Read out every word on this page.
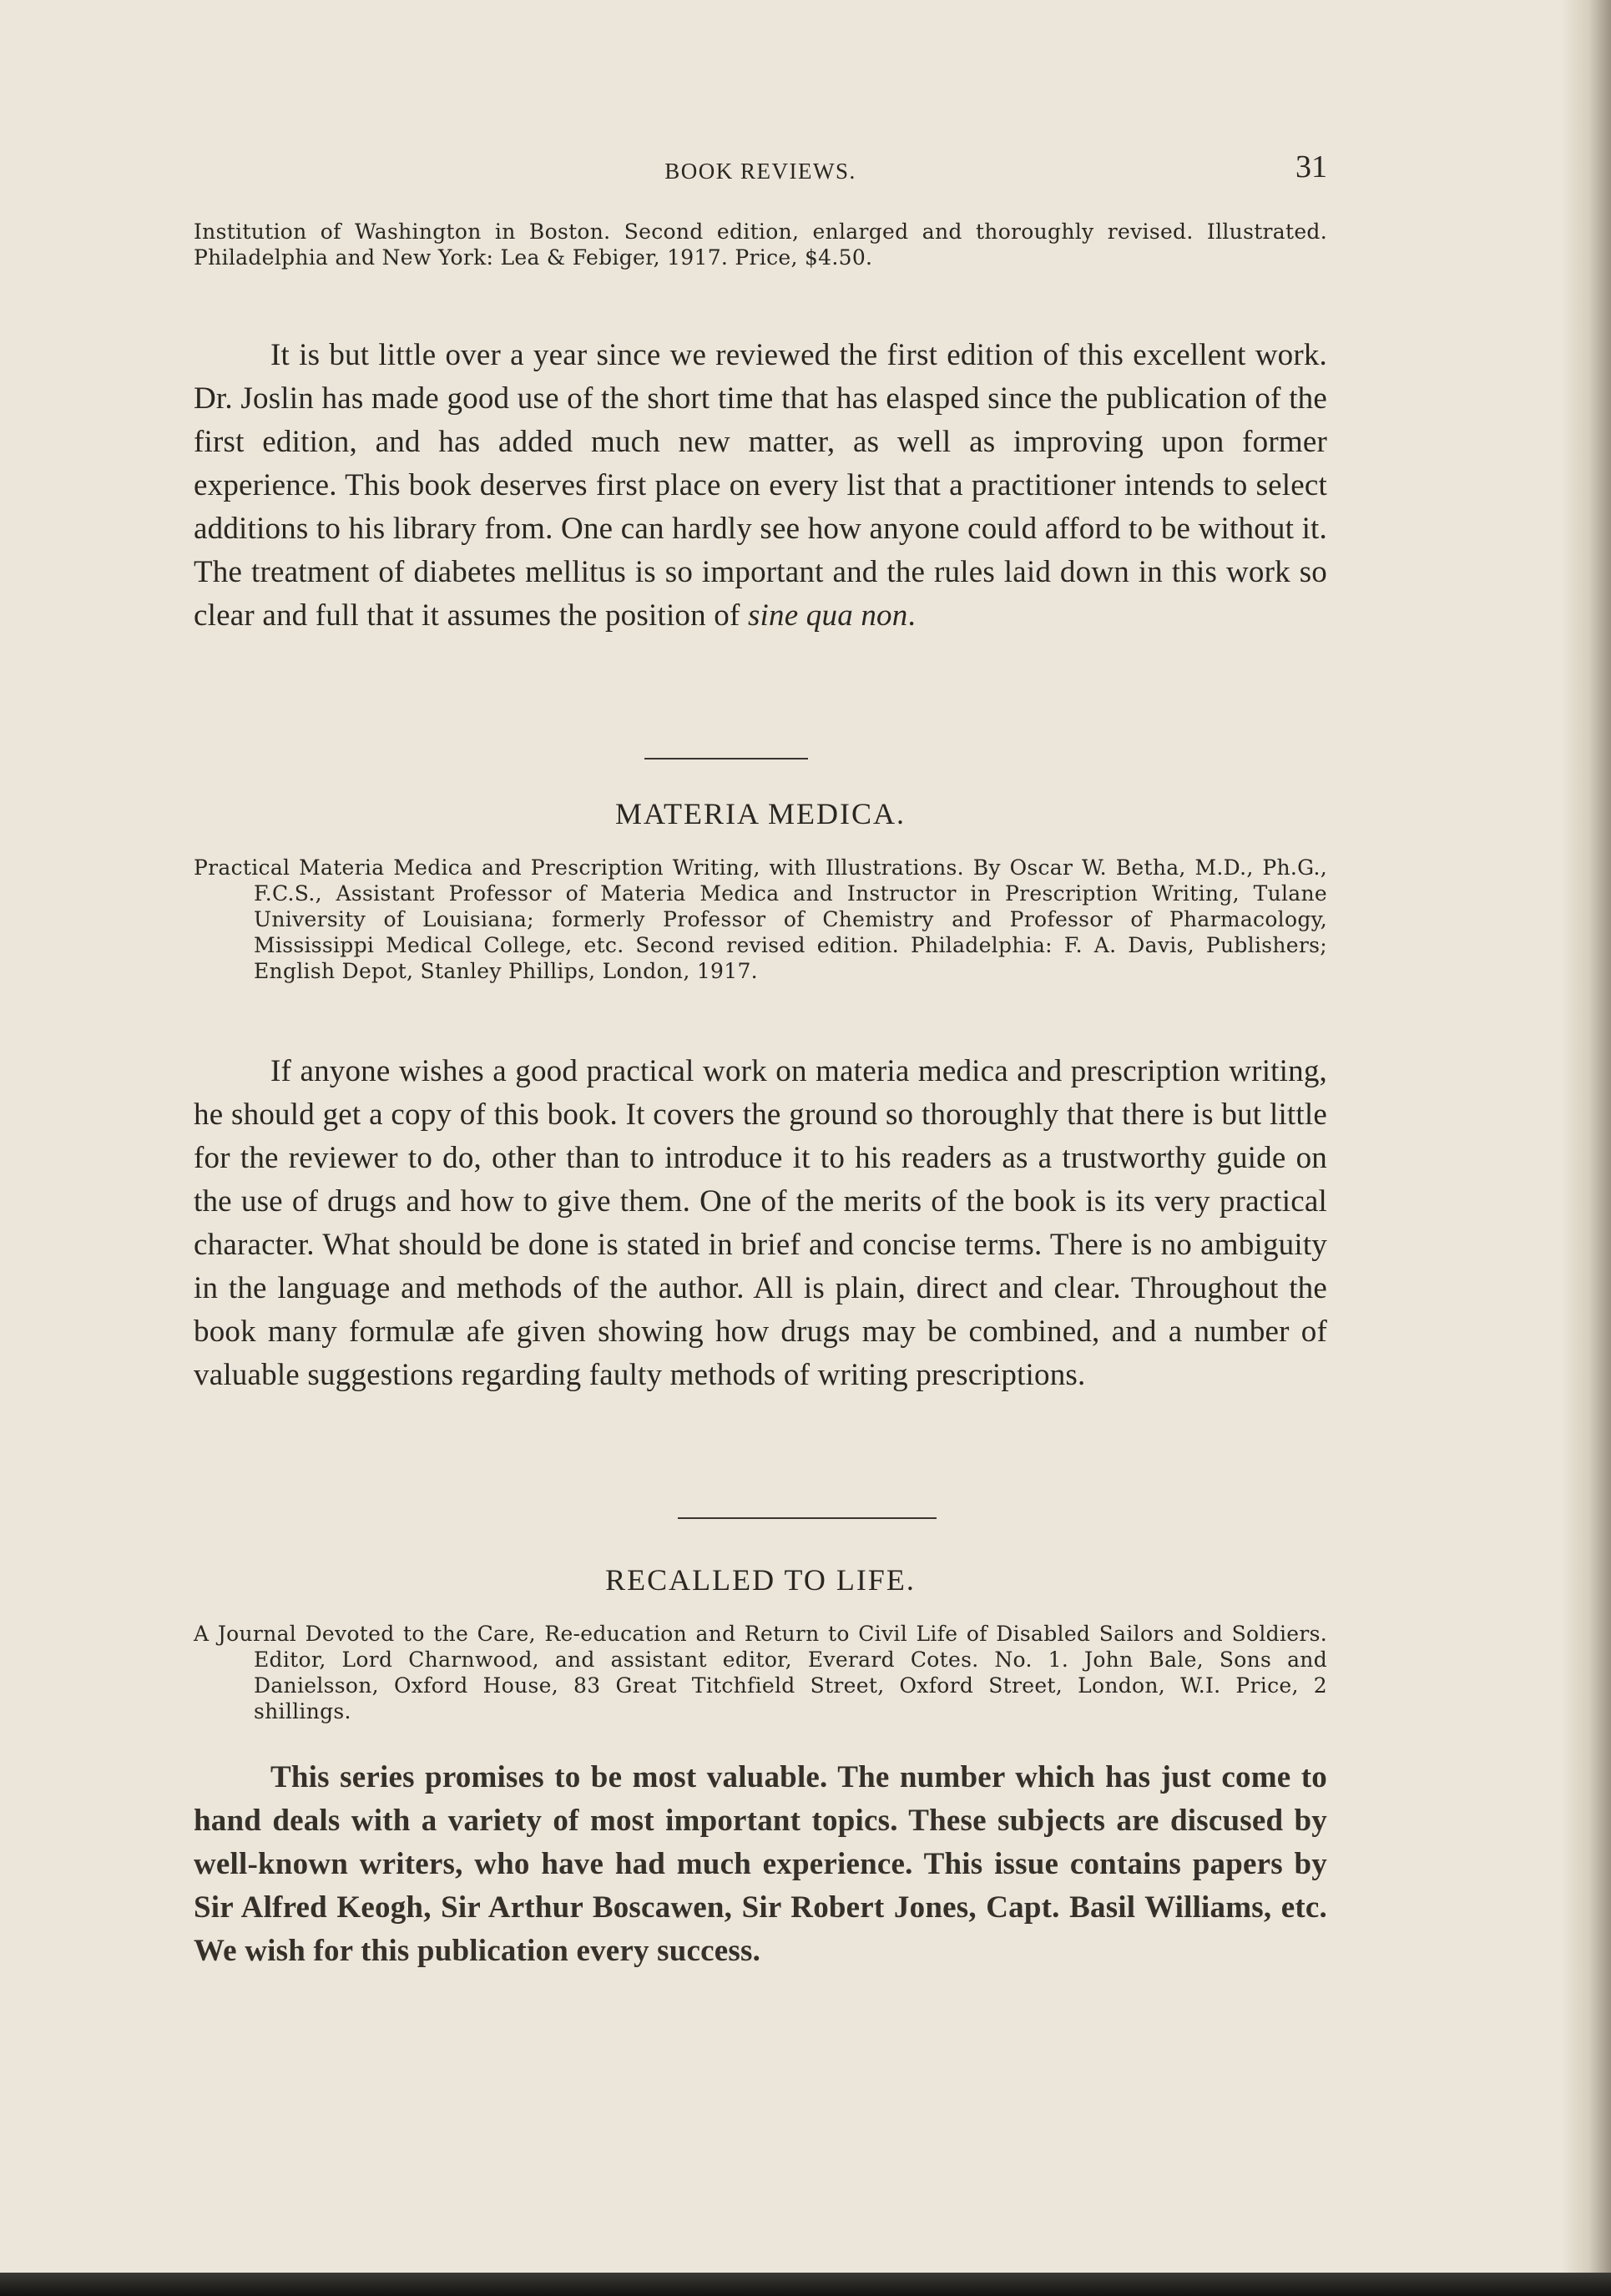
BOOK REVIEWS.	31
Institution of Washington in Boston. Second edition, enlarged and thoroughly revised. Illustrated. Philadelphia and New York: Lea & Febiger, 1917. Price, $4.50.

It is but little over a year since we reviewed the first edition of this excellent work. Dr. Joslin has made good use of the short time that has elasped since the publication of the first edition, and has added much new matter, as well as improving upon former experience. This book deserves first place on every list that a practitioner intends to select additions to his library from. One can hardly see how anyone could afford to be without it. The treatment of diabetes mellitus is so important and the rules laid down in this work so clear and full that it assumes the position of sine qua non.

MATERIA MEDICA.
Practical Materia Medica and Prescription Writing, with Illustrations. By Oscar W. Betha, M.D., Ph.G., F.C.S., Assistant Professor of Materia Medica and Instructor in Prescription Writing, Tulane University of Louisiana; formerly Professor of Chemistry and Professor of Pharmacology, Mississippi Medical College, etc. Second revised edition. Philadelphia: F. A. Davis, Publishers; English Depot, Stanley Phillips, London, 1917.

If anyone wishes a good practical work on materia medica and prescription writing, he should get a copy of this book. It covers the ground so thoroughly that there is but little for the reviewer to do, other than to introduce it to his readers as a trustworthy guide on the use of drugs and how to give them. One of the merits of the book is its very practical character. What should be done is stated in brief and concise terms. There is no ambiguity in the language and methods of the author. All is plain, direct and clear. Throughout the book many formulæ afe given showing how drugs may be combined, and a number of valuable suggestions regarding faulty methods of writing prescriptions.

RECALLED TO LIFE.
A Journal Devoted to the Care, Re-education and Return to Civil Life of Disabled Sailors and Soldiers. Editor, Lord Charnwood, and assistant editor, Everard Cotes. No. 1. John Bale, Sons and Danielsson, Oxford House, 83 Great Titchfield Street, Oxford Street, London, W.I. Price, 2 shillings.

This series promises to be most valuable. The number which has just come to hand deals with a variety of most important topics. These subjects are discused by well-known writers, who have had much experience. This issue contains papers by Sir Alfred Keogh, Sir Arthur Boscawen, Sir Robert Jones, Capt. Basil Williams, etc. We wish for this publication every success.
